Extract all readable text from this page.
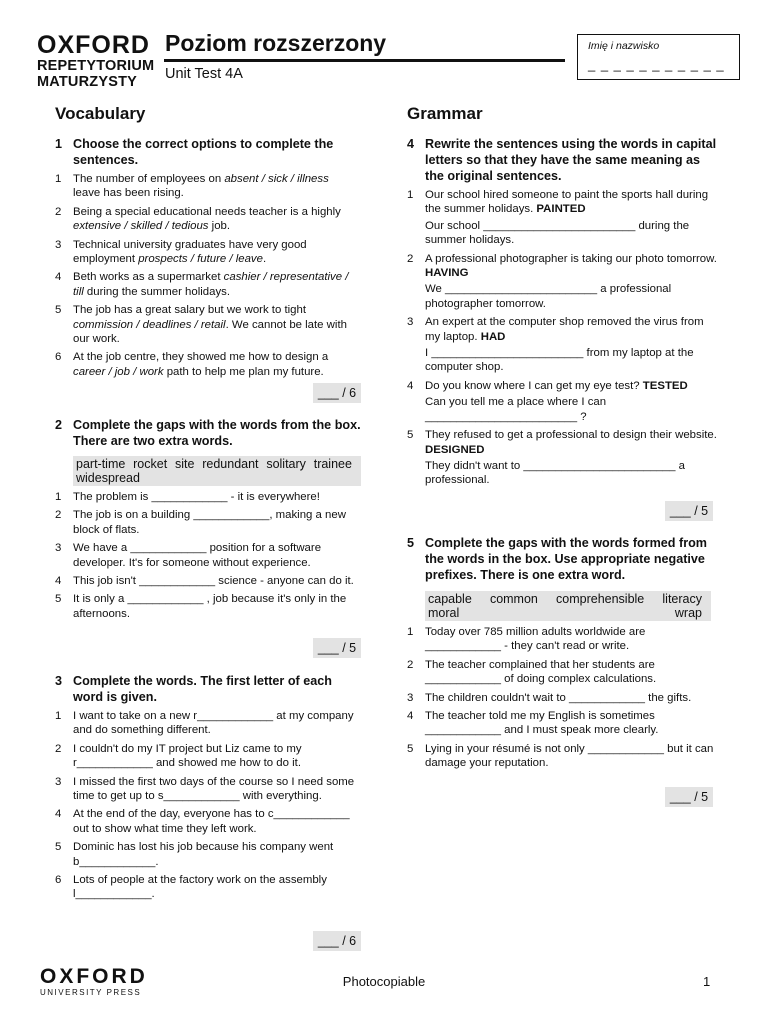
OXFORD
REPETYTORIUM
MATURZYSTY
Poziom rozszerzony
Unit Test 4A
Imię i nazwisko
_ _ _ _ _ _ _ _ _ _ _
Vocabulary	Grammar
1 Choose the correct options to complete the sentences.
1	The number of employees on absent / sick / illness leave has been rising.
2	Being a special educational needs teacher is a highly extensive / skilled / tedious job.
3	Technical university graduates have very good employment prospects / future / leave.
4	Beth works as a supermarket cashier / representative / till during the summer holidays.
5	The job has a great salary but we work to tight commission / deadlines / retail. We cannot be late with our work.
6	At the job centre, they showed me how to design a career / job / work path to help me plan my future.
___ / 6
2 Complete the gaps with the words from the box. There are two extra words.
part-time rocket site redundant solitary trainee
widespread
1	The problem is ____________ - it is everywhere!
2	The job is on a building ____________, making a new block of flats.
3	We have a ____________ position for a software developer. It's for someone without experience.
4	This job isn't ____________ science - anyone can do it.
5	It is only a ____________ , job because it's only in the afternoons.
___ / 5
3 Complete the words. The first letter of each word is given.
1	I want to take on a new r____________ at my company and do something different.
2	I couldn't do my IT project but Liz came to my r____________ and showed me how to do it.
3	I missed the first two days of the course so I need some time to get up to s____________ with everything.
4	At the end of the day, everyone has to c____________ out to show what time they left work.
5	Dominic has lost his job because his company went b____________.
6	Lots of people at the factory work on the assembly l____________.
___ / 6
4 Rewrite the sentences using the words in capital letters so that they have the same meaning as the original sentences.
1	Our school hired someone to paint the sports hall during the summer holidays. PAINTED
Our school ________________________ during the summer holidays.
2	A professional photographer is taking our photo tomorrow. HAVING
We ________________________ a professional photographer tomorrow.
3	An expert at the computer shop removed the virus from my laptop. HAD
I ________________________ from my laptop at the computer shop.
4	Do you know where I can get my eye test? TESTED
Can you tell me a place where I can ________________________ ?
5	They refused to get a professional to design their website. DESIGNED
They didn't want to ________________________ a professional.
___ / 5
5 Complete the gaps with the words formed from the words in the box. Use appropriate negative prefixes. There is one extra word.
capable common comprehensible literacy
moral	wrap
1	Today over 785 million adults worldwide are ____________ - they can't read or write.
2	The teacher complained that her students are ____________ of doing complex calculations.
3	The children couldn't wait to ____________ the gifts.
4	The teacher told me my English is sometimes ____________ and I must speak more clearly.
5	Lying in your résumé is not only ____________ but it can damage your reputation.
___ / 5
OXFORD
UNIVERSITY PRESS
Photocopiable	1
